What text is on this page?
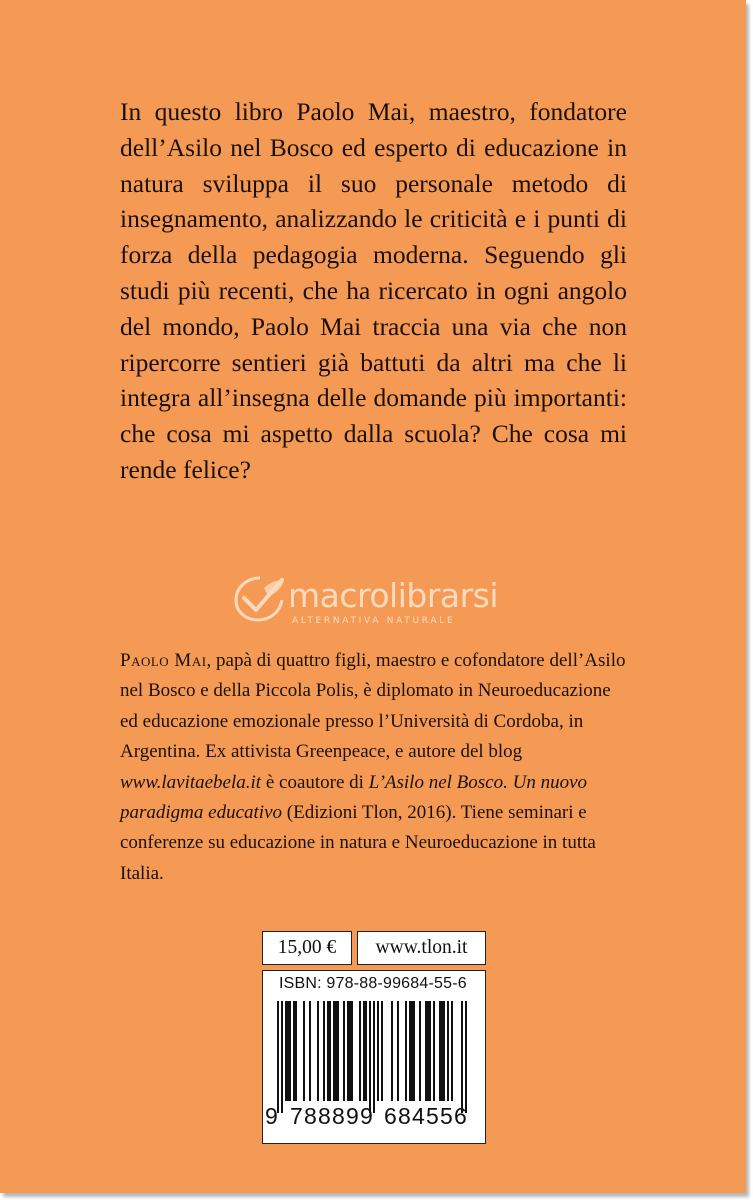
In questo libro Paolo Mai, maestro, fondatore
dell’Asilo nel Bosco ed esperto di educazione in
natura sviluppa il suo personale metodo di
insegnamento, analizzando le criticità e i punti di
forza della pedagogia moderna. Seguendo gli
studi più recenti, che ha ricercato in ogni angolo
del mondo, Paolo Mai traccia una via che non
ripercorre sentieri già battuti da altri ma che li
integra all’insegna delle domande più importanti:
che cosa mi aspetto dalla scuola? Che cosa mi
rende felice?

macrolibrarsi

ALTERNATIVA NATURALE

Paolo Mai, papà di quattro figli, maestro e cofondatore dell’Asilo nel Bosco e della Piccola Polis, è diplomato in Neuroeducazione ed educazione emozionale presso l’Università di Cordoba, in Argentina. Ex attivista Greenpeace, e autore del blog www.lavitaebela.it è coautore di L’Asilo nel Bosco. Un nuovo paradigma educativo (Edizioni Tlon, 2016). Tiene seminari e conferenze su educazione in natura e Neuroeducazione in tutta Italia.

15,00 €	www.tlon.it

ISBN: 978-88-99684-55-6

9 7 8 8 8 9 9 6 8 4 5 5 6
